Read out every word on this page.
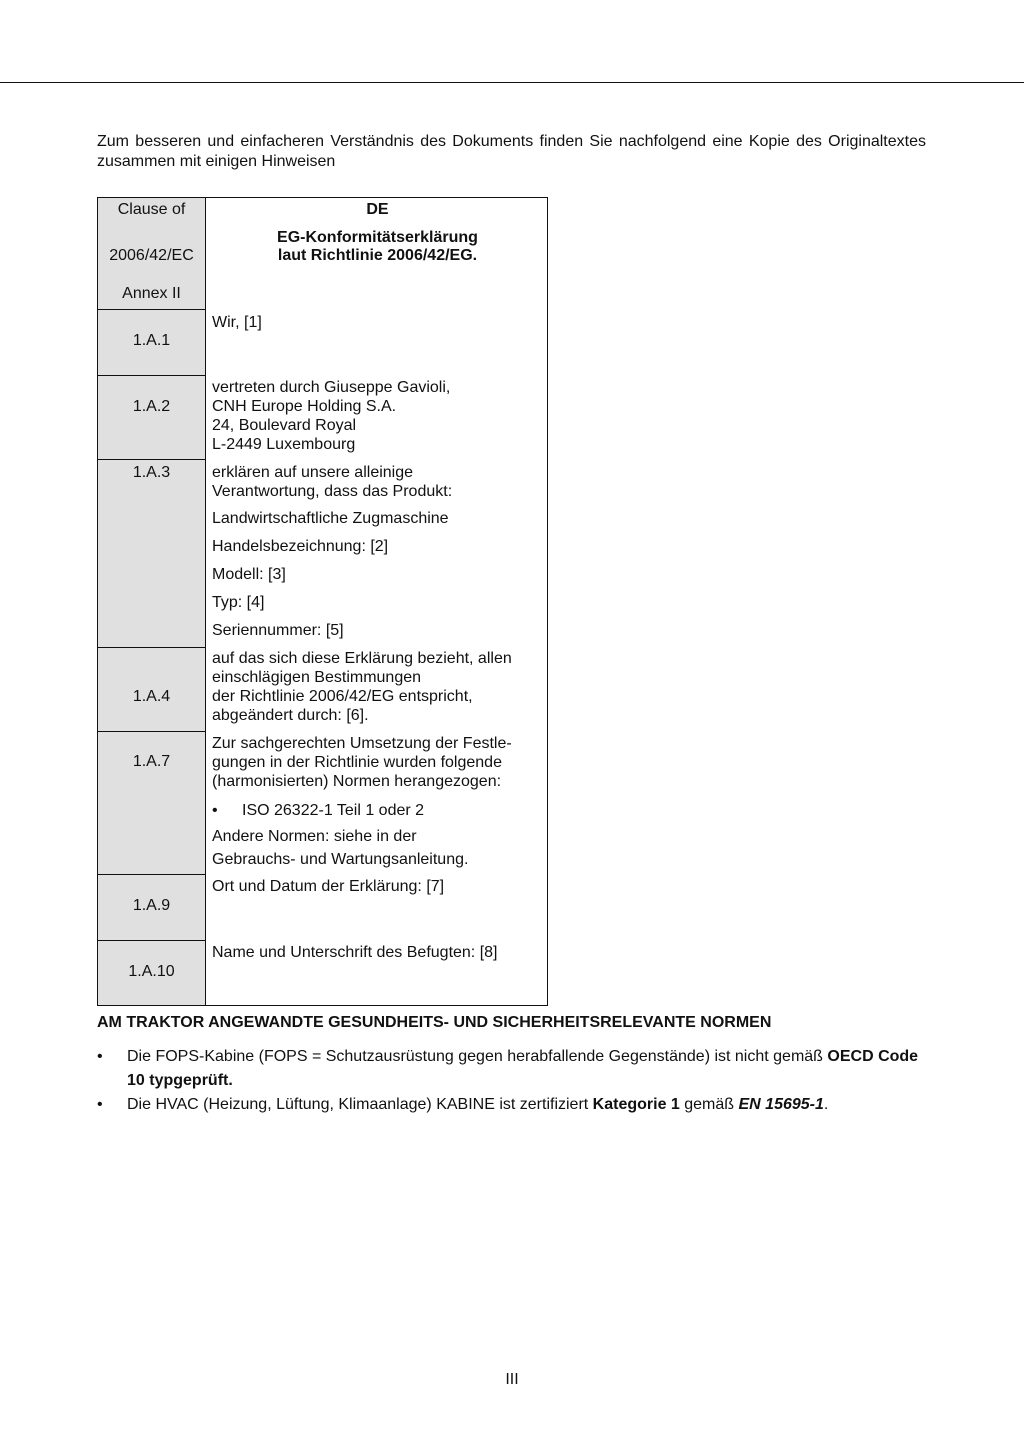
Zum besseren und einfacheren Verständnis des Dokuments finden Sie nachfolgend eine Kopie des Originaltextes zusammen mit einigen Hinweisen
Clause of
2006/42/EC
Annex II
DE
EG-Konformitätserklärung
laut Richtlinie 2006/42/EG.
1.A.1
1.A.2
1.A.3
1.A.4
1.A.7
1.A.9
1.A.10
Wir, [1]
vertreten durch Giuseppe Gavioli,
CNH Europe Holding S.A.
24, Boulevard Royal
L-2449 Luxembourg
erklären auf unsere alleinige
Verantwortung, dass das Produkt:
Landwirtschaftliche Zugmaschine
Handelsbezeichnung: [2]
Modell: [3]
Typ: [4]
Seriennummer: [5]
auf das sich diese Erklärung bezieht, allen
einschlägigen Bestimmungen
der Richtlinie 2006/42/EG entspricht,
abgeändert durch: [6].
Zur sachgerechten Umsetzung der Festle-
gungen in der Richtlinie wurden folgende
(harmonisierten) Normen herangezogen:
• ISO 26322-1 Teil 1 oder 2
Andere Normen: siehe in der
Gebrauchs- und Wartungsanleitung.
Ort und Datum der Erklärung: [7]
Name und Unterschrift des Befugten: [8]
AM TRAKTOR ANGEWANDTE GESUNDHEITS- UND SICHERHEITSRELEVANTE NORMEN
• Die FOPS-Kabine (FOPS = Schutzausrüstung gegen herabfallende Gegenstände) ist nicht gemäß OECD Code 10 typgeprüft.
• Die HVAC (Heizung, Lüftung, Klimaanlage) KABINE ist zertifiziert Kategorie 1 gemäß EN 15695-1.
III
